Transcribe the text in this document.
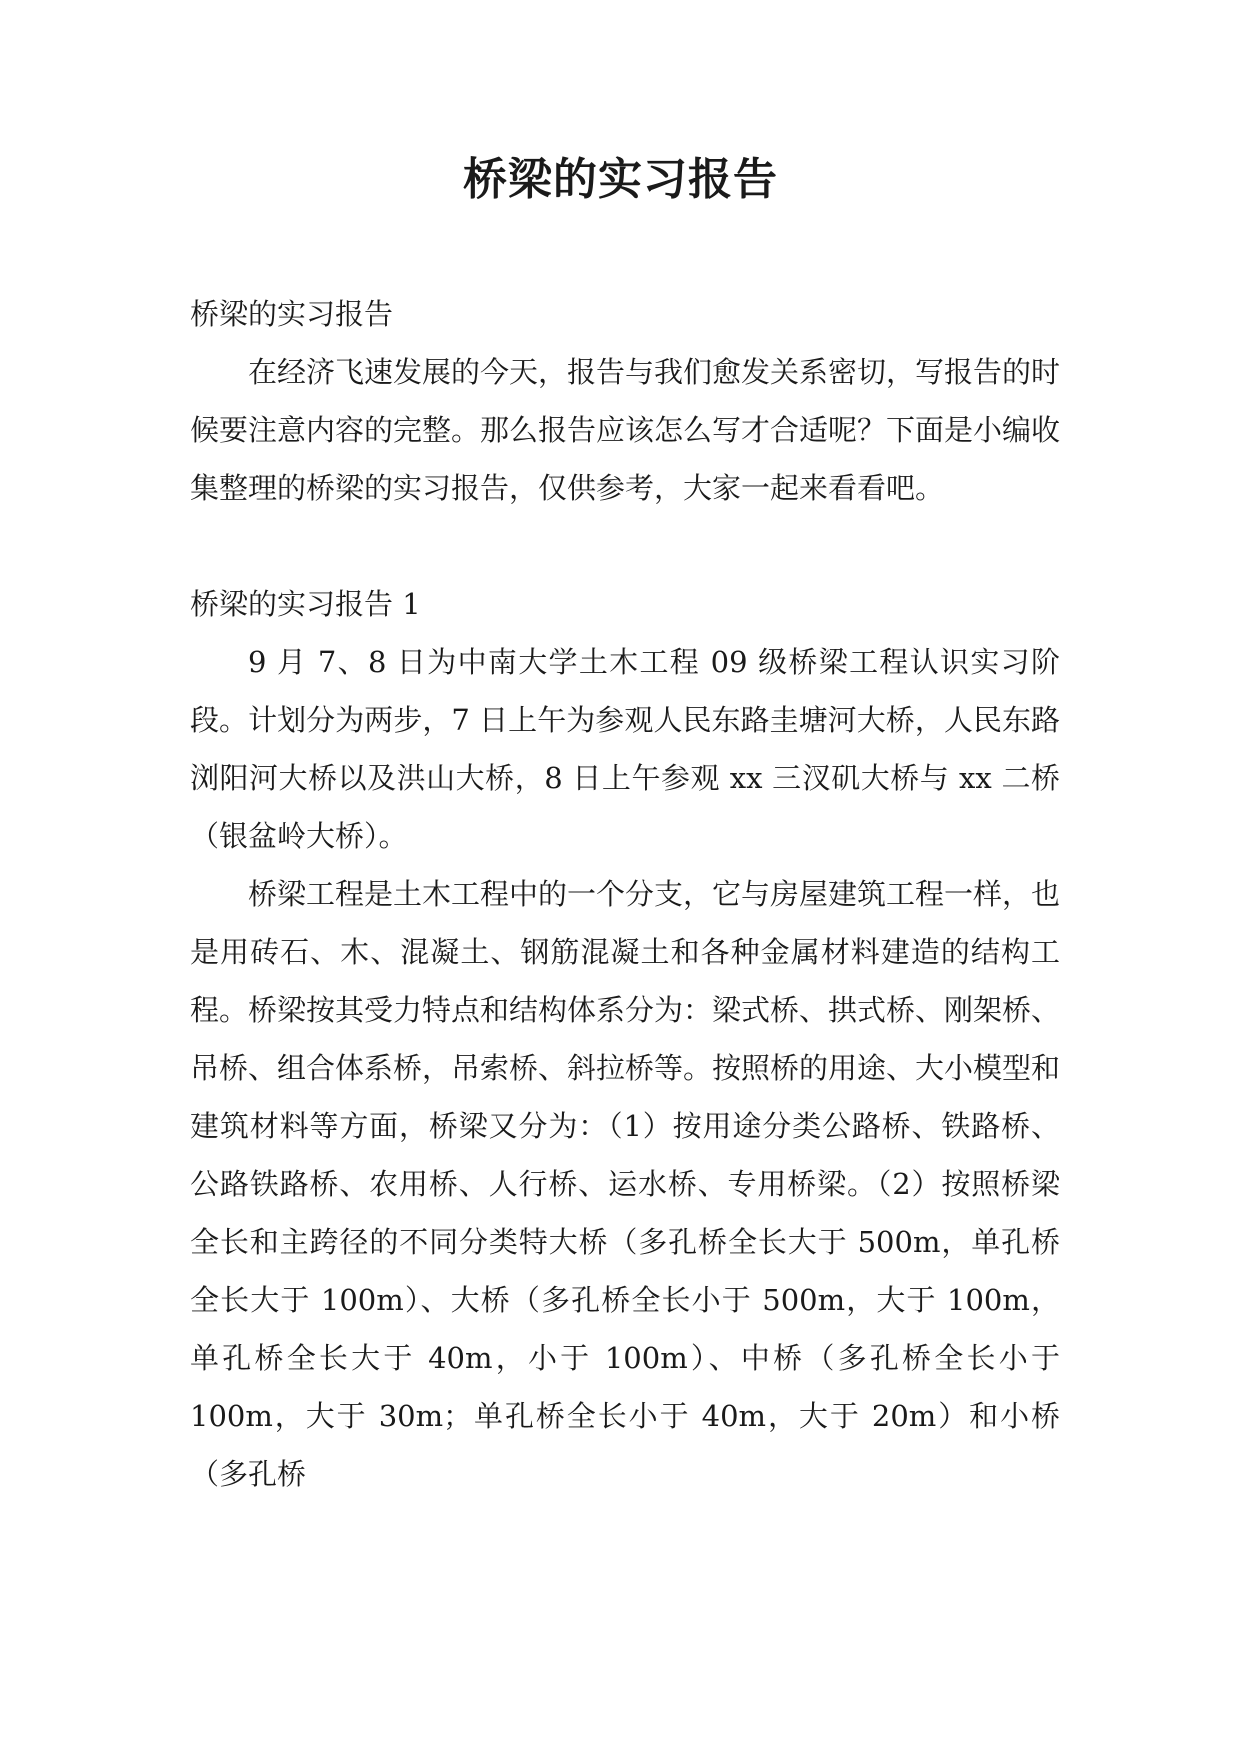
桥梁的实习报告

桥梁的实习报告

在经济飞速发展的今天，报告与我们愈发关系密切，写报告的时候要注意内容的完整。那么报告应该怎么写才合适呢？下面是小编收集整理的桥梁的实习报告，仅供参考，大家一起来看看吧。

桥梁的实习报告 1

9 月 7、8 日为中南大学土木工程 09 级桥梁工程认识实习阶段。计划分为两步，7 日上午为参观人民东路圭塘河大桥，人民东路浏阳河大桥以及洪山大桥，8 日上午参观 xx 三汊矶大桥与 xx 二桥（银盆岭大桥）。

桥梁工程是土木工程中的一个分支，它与房屋建筑工程一样，也是用砖石、木、混凝土、钢筋混凝土和各种金属材料建造的结构工程。桥梁按其受力特点和结构体系分为：梁式桥、拱式桥、刚架桥、吊桥、组合体系桥，吊索桥、斜拉桥等。按照桥的用途、大小模型和建筑材料等方面，桥梁又分为：（1）按用途分类公路桥、铁路桥、公路铁路桥、农用桥、人行桥、运水桥、专用桥梁。（2）按照桥梁全长和主跨径的不同分类特大桥（多孔桥全长大于 500m，单孔桥全长大于 100m）、大桥（多孔桥全长小于 500m，大于 100m，单孔桥全长大于 40m，小于 100m）、中桥（多孔桥全长小于 100m，大于 30m；单孔桥全长小于 40m，大于 20m）和小桥（多孔桥
